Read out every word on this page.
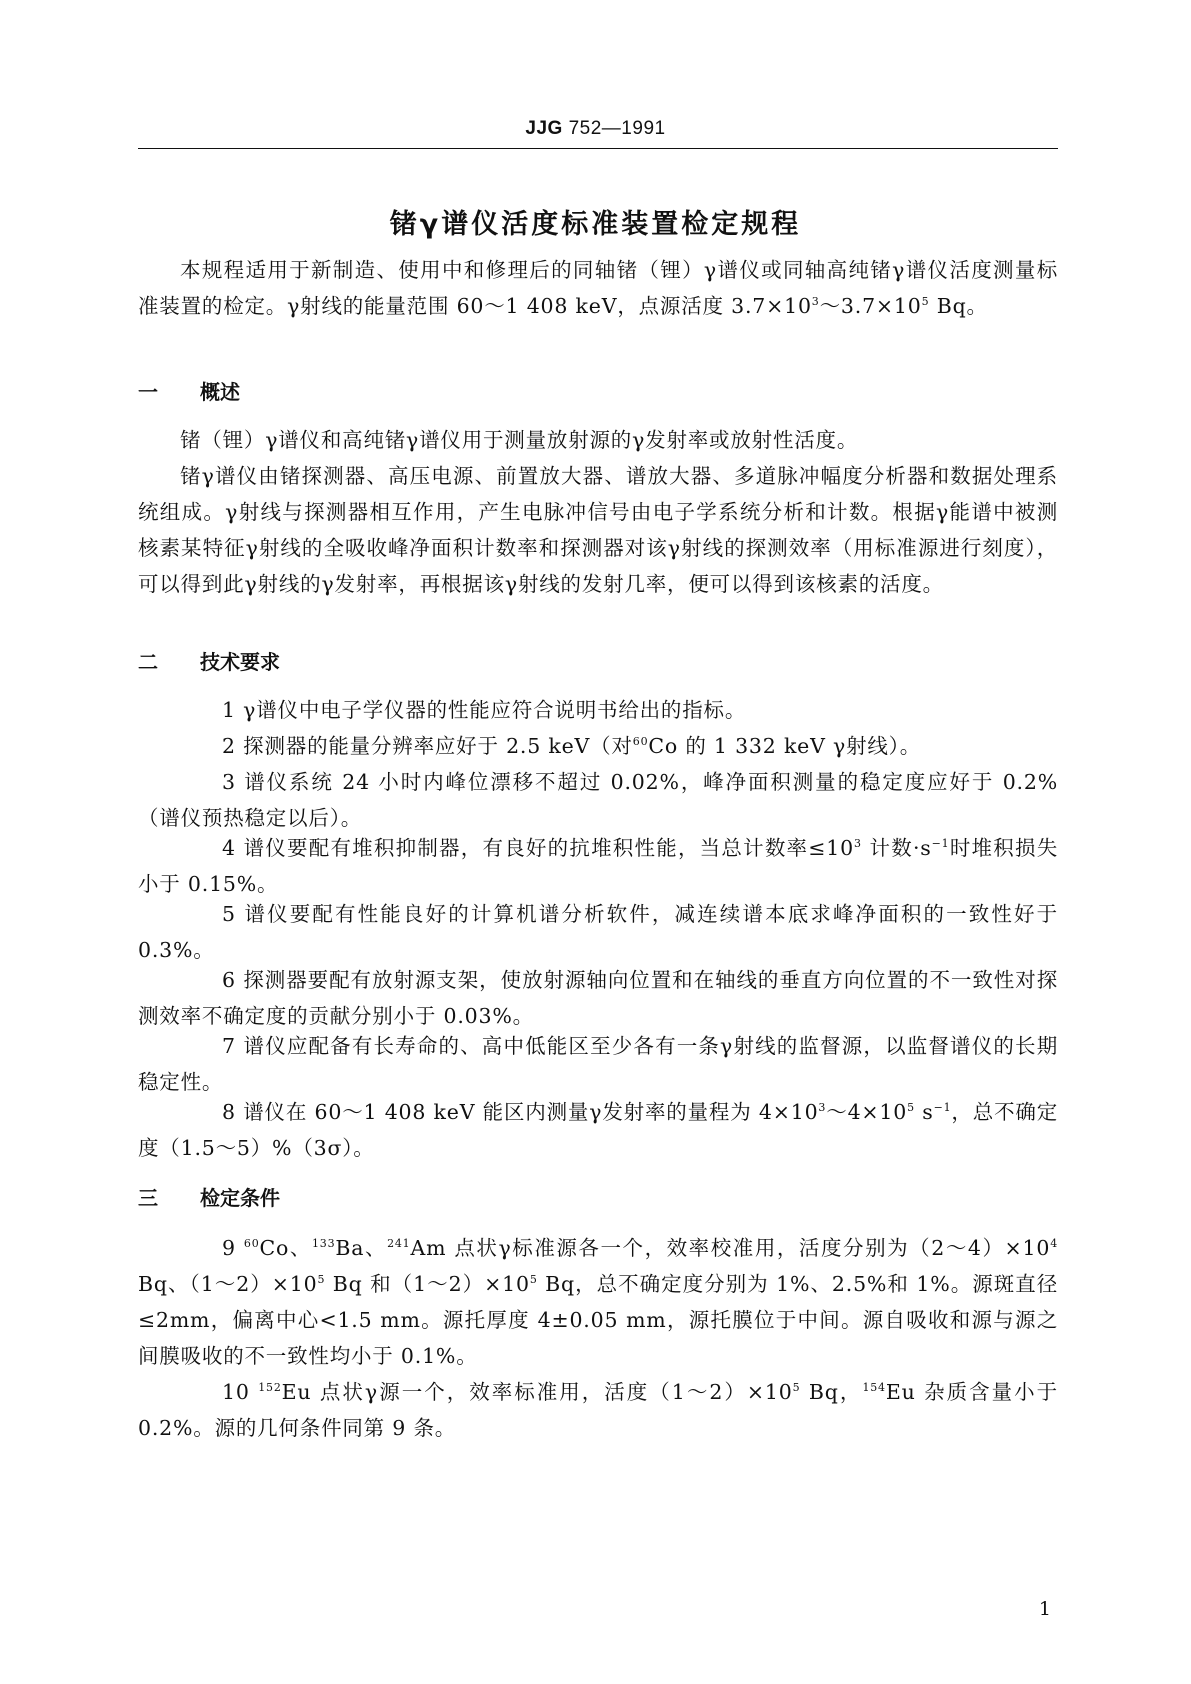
JJG 752—1991
锗γ谱仪活度标准装置检定规程
本规程适用于新制造、使用中和修理后的同轴锗（锂）γ谱仪或同轴高纯锗γ谱仪活度测量标准装置的检定。γ射线的能量范围 60～1 408 keV，点源活度 $3.7\times 10^3\sim 3.7\times 10^5$ Bq。
一 概述
锗（锂）γ谱仪和高纯锗γ谱仪用于测量放射源的γ发射率或放射性活度。
锗γ谱仪由锗探测器、高压电源、前置放大器、谱放大器、多道脉冲幅度分析器和数据处理系统组成。γ射线与探测器相互作用，产生电脉冲信号由电子学系统分析和计数。根据γ能谱中被测核素某特征γ射线的全吸收峰净面积计数率和探测器对该γ射线的探测效率（用标准源进行刻度），可以得到此γ射线的γ发射率，再根据该γ射线的发射几率，便可以得到该核素的活度。
二 技术要求
1 γ谱仪中电子学仪器的性能应符合说明书给出的指标。
2 探测器的能量分辨率应好于 2.5 keV（对$^{60}$Co 的 1 332 keV γ射线）。
3 谱仪系统 24 小时内峰位漂移不超过 0.02%，峰净面积测量的稳定度应好于 0.2%（谱仪预热稳定以后）。
4 谱仪要配有堆积抑制器，有良好的抗堆积性能，当总计数率$\le 10^3$ 计数$\cdot s^{-1}$时堆积损失小于 0.15%。
5 谱仪要配有性能良好的计算机谱分析软件，减连续谱本底求峰净面积的一致性好于 0.3%。
6 探测器要配有放射源支架，使放射源轴向位置和在轴线的垂直方向位置的不一致性对探测效率不确定度的贡献分别小于 0.03%。
7 谱仪应配备有长寿命的、高中低能区至少各有一条γ射线的监督源，以监督谱仪的长期稳定性。
8 谱仪在 60～1 408 keV 能区内测量γ发射率的量程为 $4\times 10^3\sim 4\times 10^5$ $s^{-1}$，总不确定度（1.5～5）%（3σ）。
三 检定条件
9 $^{60}$Co、$^{133}$Ba、$^{241}$Am 点状γ标准源各一个，效率校准用，活度分别为$(2\sim 4)\times 10^4$ Bq、$(1\sim 2)\times 10^5$ Bq 和$(1\sim 2)\times 10^5$ Bq，总不确定度分别为 1%、2.5%和 1%。源斑直径≤2mm，偏离中心<1.5 mm。源托厚度 4±0.05 mm，源托膜位于中间。源自吸收和源与源之间膜吸收的不一致性均小于 0.1%。
10 $^{152}$Eu 点状γ源一个，效率标准用，活度$(1\sim 2)\times 10^5$ Bq，$^{154}$Eu 杂质含量小于 0.2%。源的几何条件同第 9 条。
1
